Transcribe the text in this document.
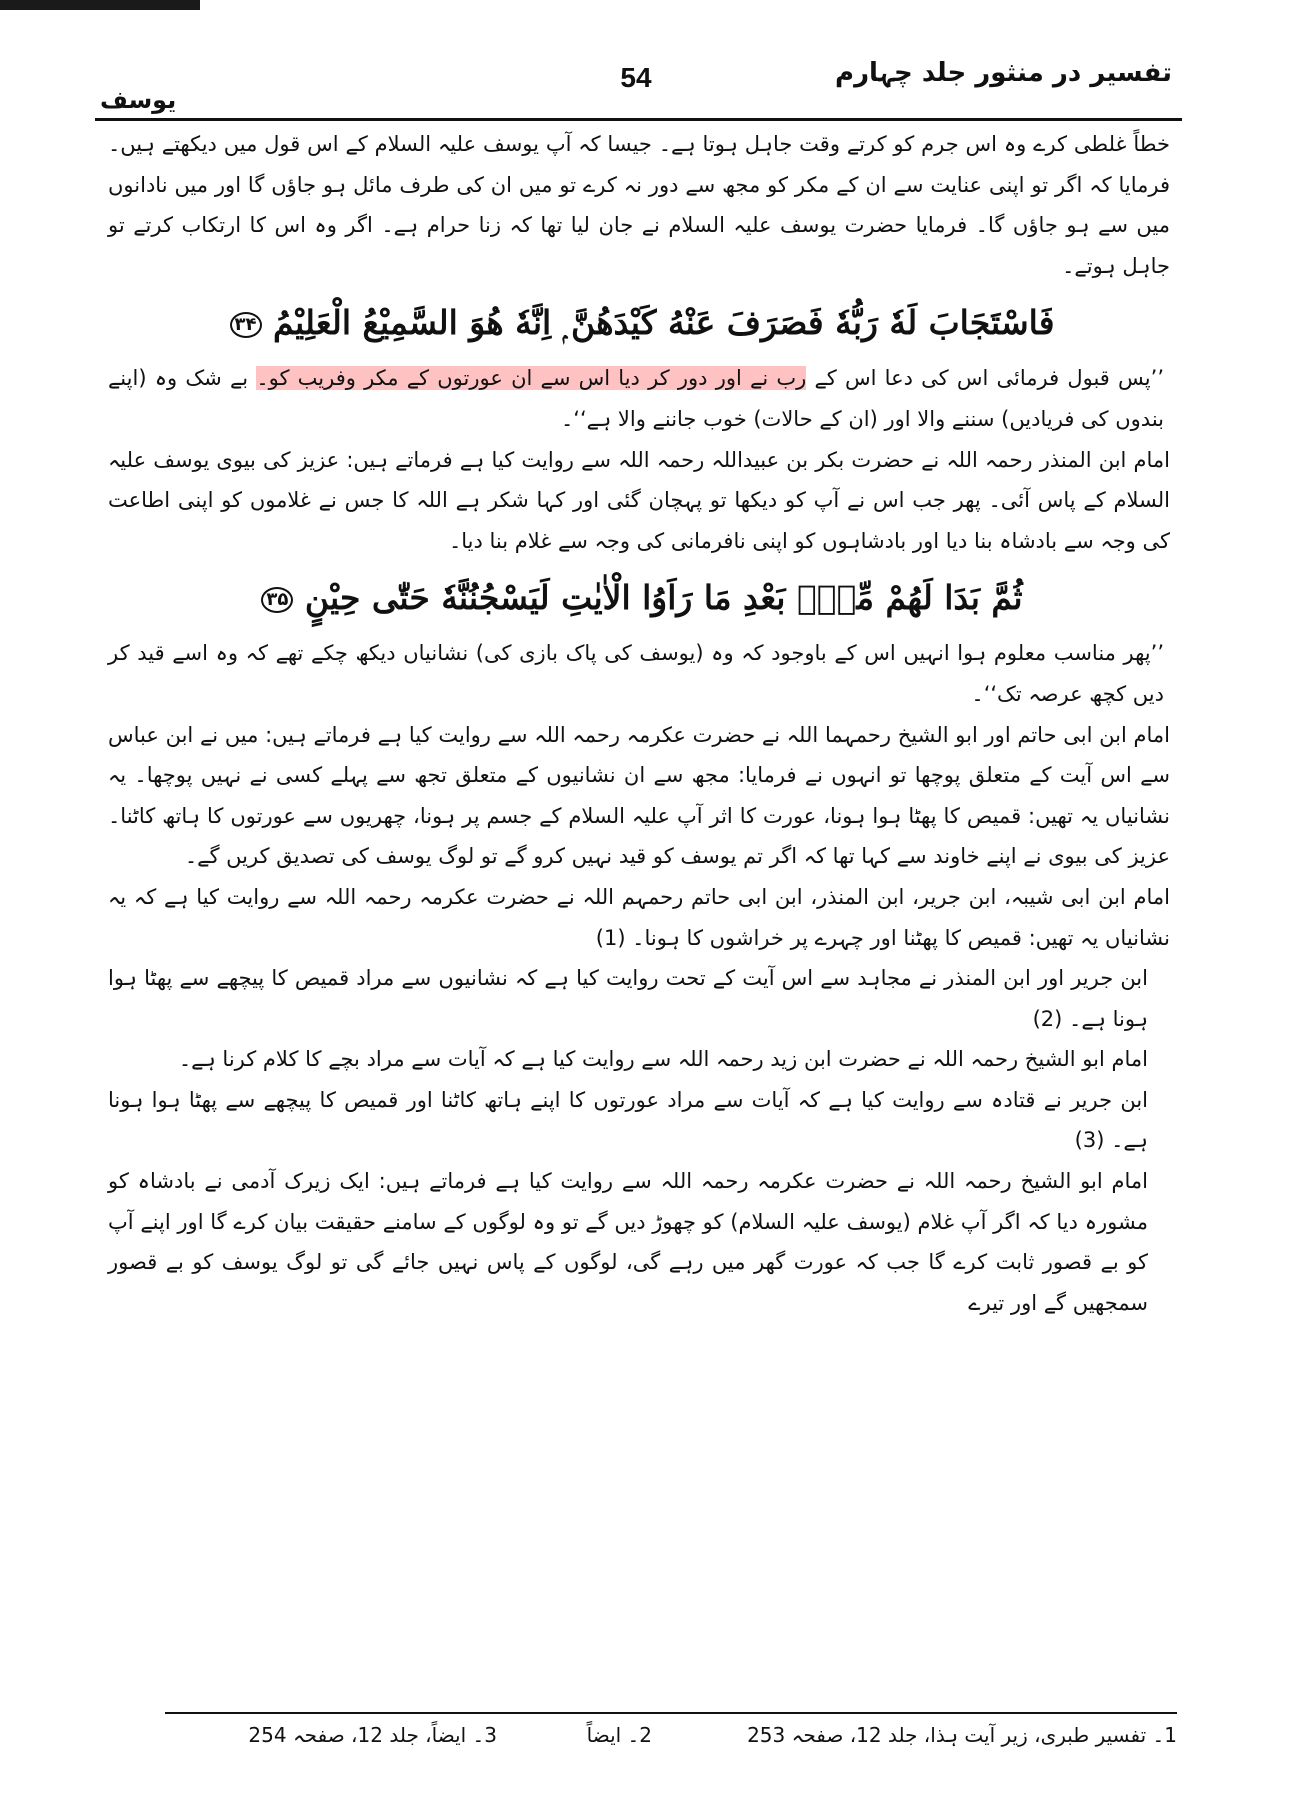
تفسیر در منثور جلد چہارم
54
یوسف

خطاً غلطی کرے وہ اس جرم کو کرتے وقت جاہل ہوتا ہے۔ جیسا کہ آپ یوسف علیہ السلام کے اس قول میں دیکھتے ہیں۔ فرمایا کہ اگر تو اپنی عنایت سے ان کے مکر کو مجھ سے دور نہ کرے تو میں ان کی طرف مائل ہو جاؤں گا اور میں نادانوں میں سے ہو جاؤں گا۔ فرمایا حضرت یوسف علیہ السلام نے جان لیا تھا کہ زنا حرام ہے۔ اگر وہ اس کا ارتکاب کرتے تو جاہل ہوتے۔

فَاسْتَجَابَ لَهٗ رَبُّهٗ فَصَرَفَ عَنْهُ كَيْدَهُنَّ ۭ اِنَّهٗ هُوَ السَّمِيْعُ الْعَلِيْمُ ۳۴

’’پس قبول فرمائی اس کی دعا اس کے رب نے اور دور کر دیا اس سے ان عورتوں کے مکر وفریب کو۔ بے شک وہ (اپنے بندوں کی فریادیں) سننے والا اور (ان کے حالات) خوب جاننے والا ہے‘‘۔

امام ابن المنذر رحمہ اللہ نے حضرت بکر بن عبیداللہ رحمہ اللہ سے روایت کیا ہے فرماتے ہیں: عزیز کی بیوی یوسف علیہ السلام کے پاس آئی۔ پھر جب اس نے آپ کو دیکھا تو پہچان گئی اور کہا شکر ہے اللہ کا جس نے غلاموں کو اپنی اطاعت کی وجہ سے بادشاہ بنا دیا اور بادشاہوں کو اپنی نافرمانی کی وجہ سے غلام بنا دیا۔

ثُمَّ بَدَا لَهُمْ مِّنْۢ بَعْدِ مَا رَاَوُا الْاٰيٰتِ لَيَسْجُنُنَّهٗ حَتّٰى حِيْنٍ ۳۵

’’پھر مناسب معلوم ہوا انہیں اس کے باوجود کہ وہ (یوسف کی پاک بازی کی) نشانیاں دیکھ چکے تھے کہ وہ اسے قید کر دیں کچھ عرصہ تک‘‘۔

امام ابن ابی حاتم اور ابو الشیخ رحمہما اللہ نے حضرت عکرمہ رحمہ اللہ سے روایت کیا ہے فرماتے ہیں: میں نے ابن عباس سے اس آیت کے متعلق پوچھا تو انہوں نے فرمایا: مجھ سے ان نشانیوں کے متعلق تجھ سے پہلے کسی نے نہیں پوچھا۔ یہ نشانیاں یہ تھیں: قمیص کا پھٹا ہوا ہونا، عورت کا اثر آپ علیہ السلام کے جسم پر ہونا، چھریوں سے عورتوں کا ہاتھ کاٹنا۔ عزیز کی بیوی نے اپنے خاوند سے کہا تھا کہ اگر تم یوسف کو قید نہیں کرو گے تو لوگ یوسف کی تصدیق کریں گے۔

امام ابن ابی شیبہ، ابن جریر، ابن المنذر، ابن ابی حاتم رحمہم اللہ نے حضرت عکرمہ رحمہ اللہ سے روایت کیا ہے کہ یہ نشانیاں یہ تھیں: قمیص کا پھٹنا اور چہرے پر خراشوں کا ہونا۔ (1)

ابن جریر اور ابن المنذر نے مجاہد سے اس آیت کے تحت روایت کیا ہے کہ نشانیوں سے مراد قمیص کا پیچھے سے پھٹا ہوا ہونا ہے۔ (2)

امام ابو الشیخ رحمہ اللہ نے حضرت ابن زید رحمہ اللہ سے روایت کیا ہے کہ آیات سے مراد بچے کا کلام کرنا ہے۔

ابن جریر نے قتادہ سے روایت کیا ہے کہ آیات سے مراد عورتوں کا اپنے ہاتھ کاٹنا اور قمیص کا پیچھے سے پھٹا ہوا ہونا ہے۔ (3)

امام ابو الشیخ رحمہ اللہ نے حضرت عکرمہ رحمہ اللہ سے روایت کیا ہے فرماتے ہیں: ایک زیرک آدمی نے بادشاہ کو مشورہ دیا کہ اگر آپ غلام (یوسف علیہ السلام) کو چھوڑ دیں گے تو وہ لوگوں کے سامنے حقیقت بیان کرے گا اور اپنے آپ کو بے قصور ثابت کرے گا جب کہ عورت گھر میں رہے گی، لوگوں کے پاس نہیں جائے گی تو لوگ یوسف کو بے قصور سمجھیں گے اور تیرے

1۔ تفسیر طبری، زیر آیت ہذا، جلد 12، صفحہ 253
2۔ ایضاً
3۔ ایضاً، جلد 12، صفحہ 254
